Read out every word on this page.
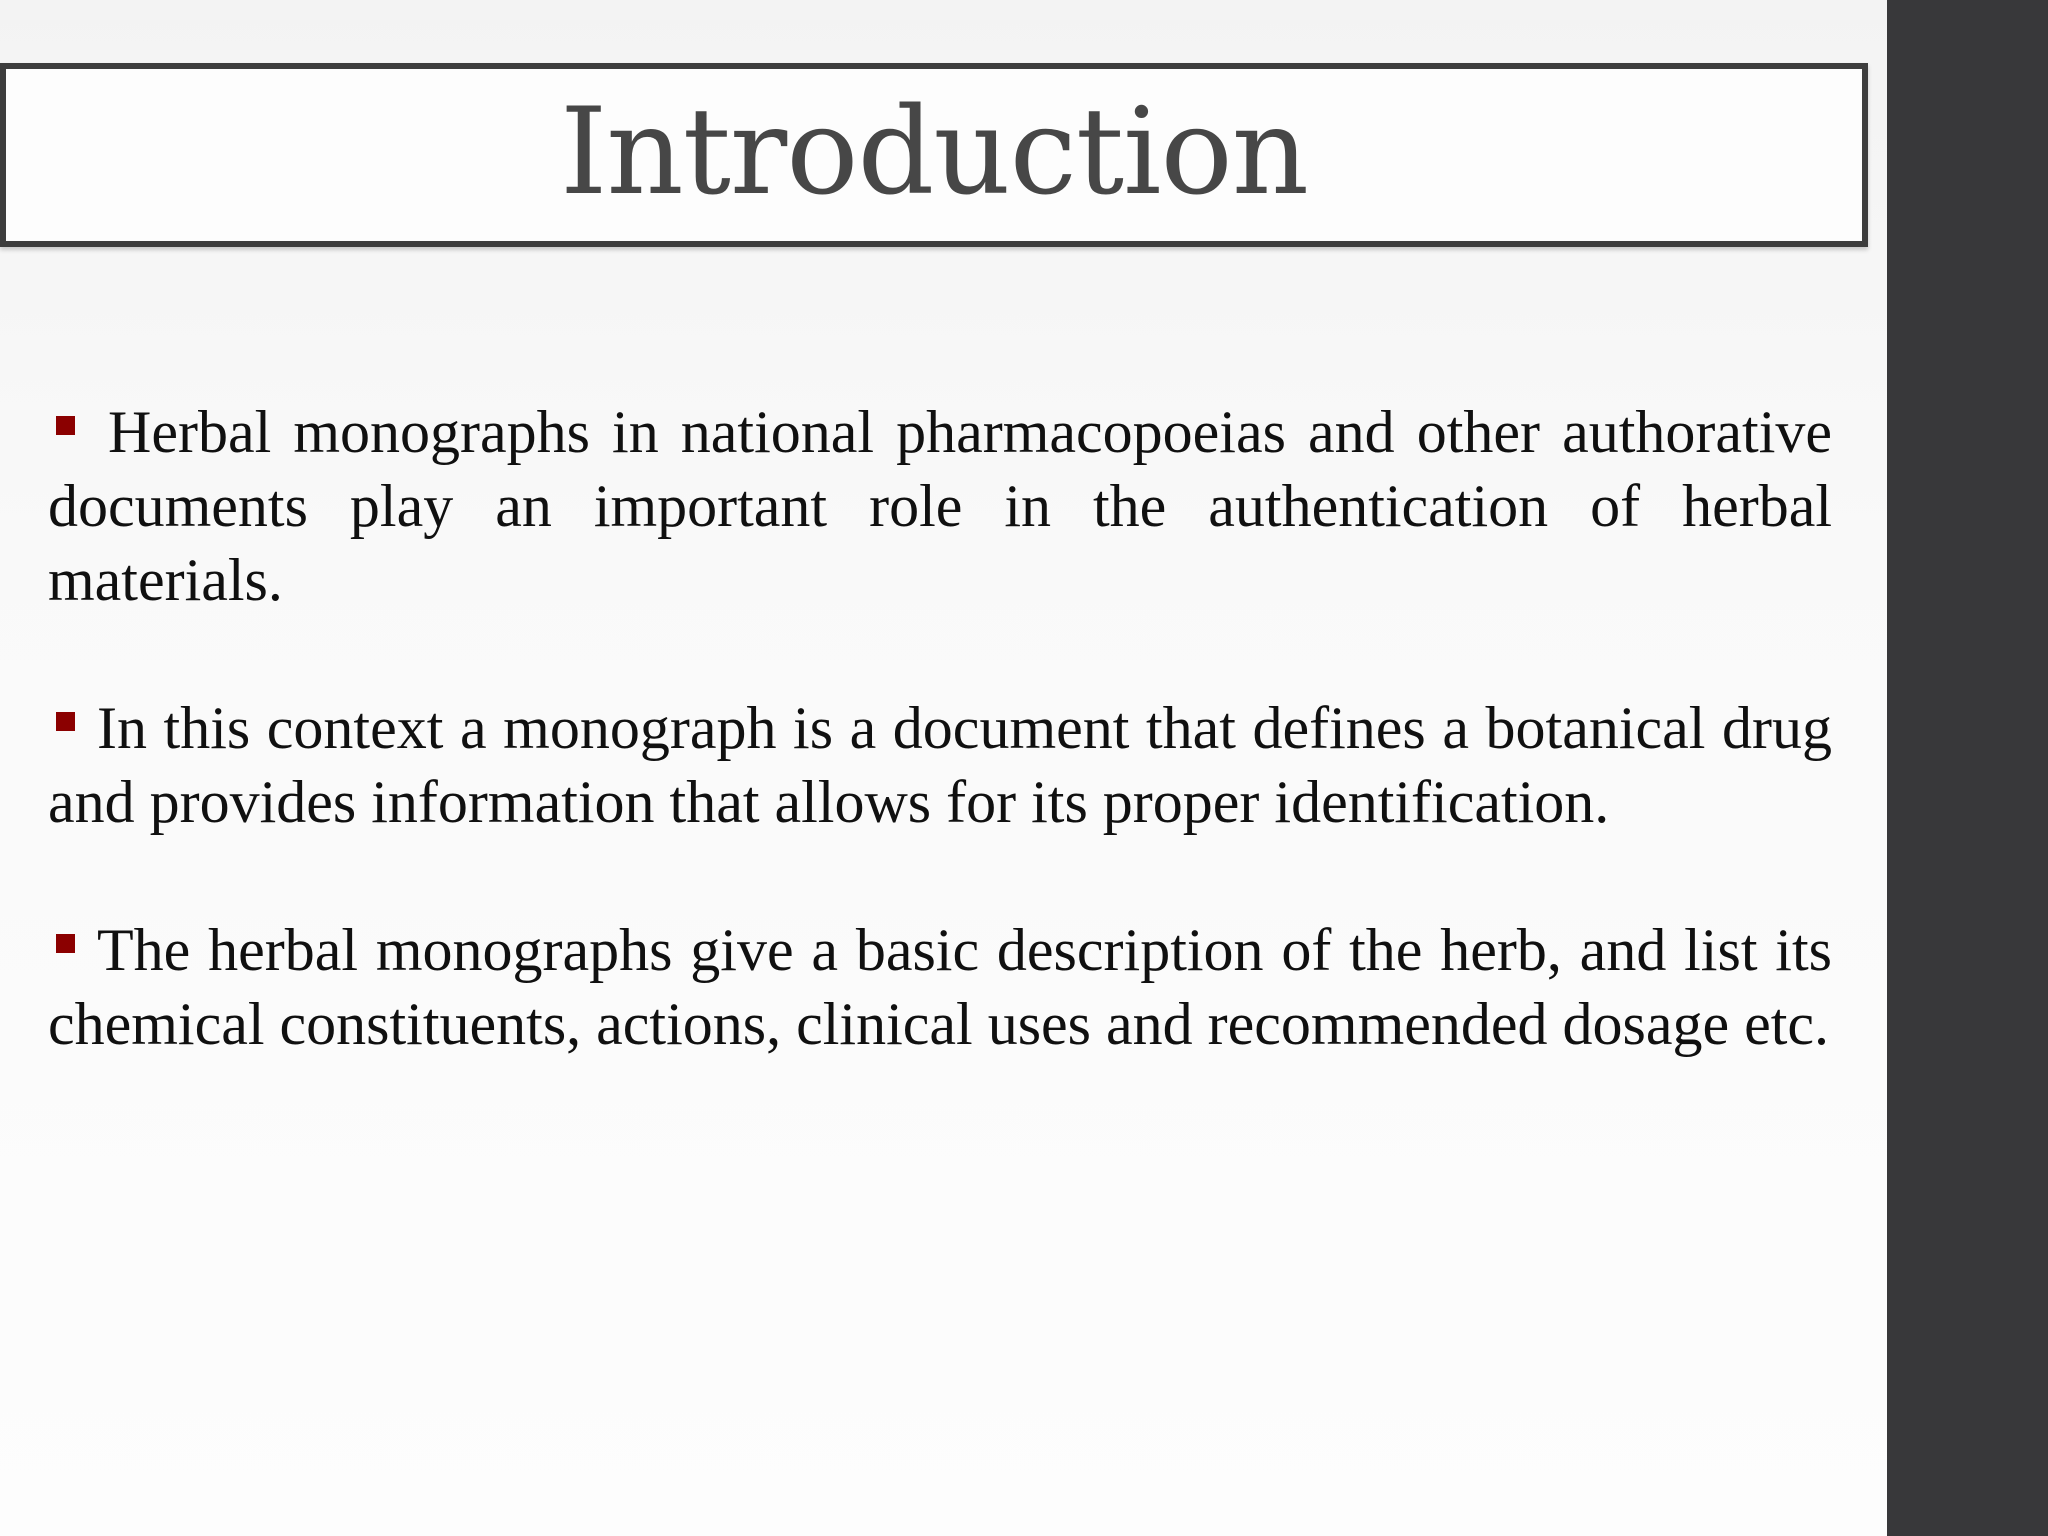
Introduction

Herbal monographs in national pharmacopoeias and other authorative documents play an important role in the authentication of herbal materials.

In this context a monograph is a document that defines a botanical drug and provides information that allows for its proper identification.

The herbal monographs give a basic description of the herb, and list its chemical constituents, actions, clinical uses and recommended dosage etc.
